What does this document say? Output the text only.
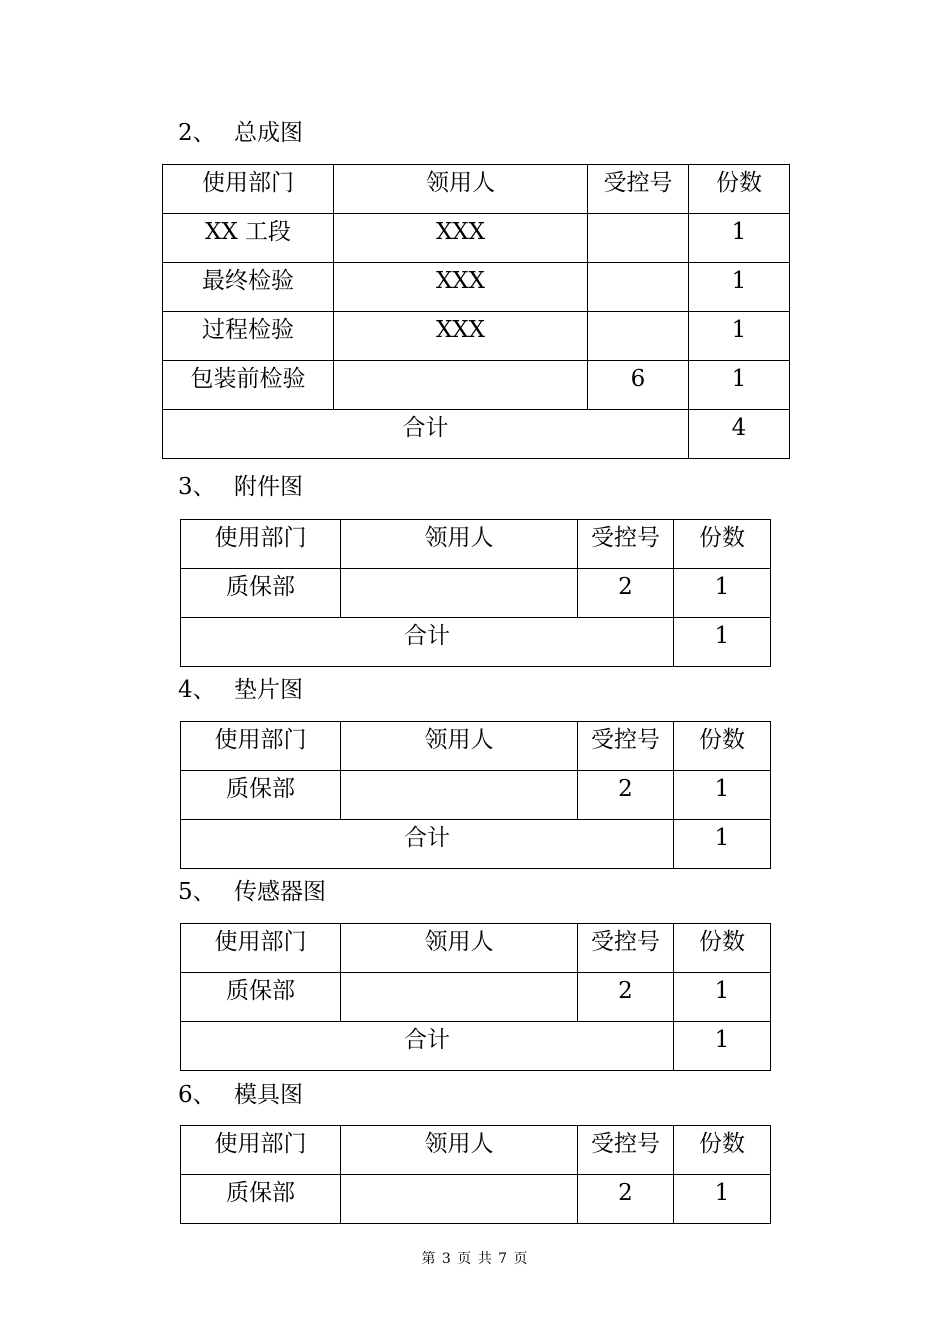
2、 总成图
使用部门	领用人	受控号	份数
XX 工段	XXX		1
最终检验	XXX		1
过程检验	XXX		1
包装前检验		6	1
合计			4
3、 附件图
使用部门	领用人	受控号	份数
质保部		2	1
合计			1
4、 垫片图
使用部门	领用人	受控号	份数
质保部		2	1
合计			1
5、 传感器图
使用部门	领用人	受控号	份数
质保部		2	1
合计			1
6、 模具图
使用部门	领用人	受控号	份数
质保部		2	1
第 3 页 共 7 页
